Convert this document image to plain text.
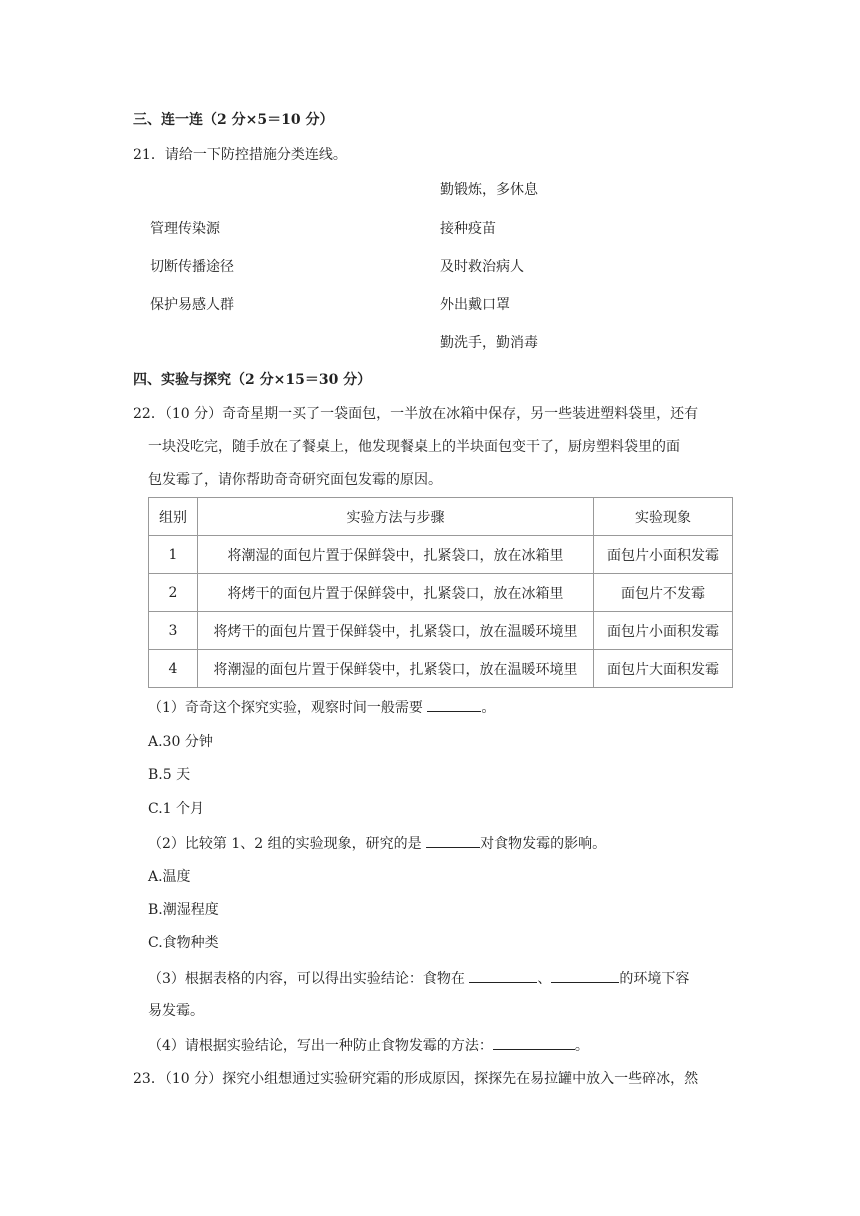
三、连一连（2 分×5＝10 分）
21．请给一下防控措施分类连线。
勤锻炼，多休息
管理传染源	接种疫苗
切断传播途径	及时救治病人
保护易感人群	外出戴口罩
勤洗手，勤消毒
四、实验与探究（2 分×15＝30 分）
22．（10 分）奇奇星期一买了一袋面包，一半放在冰箱中保存，另一些装进塑料袋里，还有
一块没吃完，随手放在了餐桌上，他发现餐桌上的半块面包变干了，厨房塑料袋里的面
包发霉了，请你帮助奇奇研究面包发霉的原因。
组别	实验方法与步骤	实验现象
1	将潮湿的面包片置于保鲜袋中，扎紧袋口，放在冰箱里	面包片小面积发霉
2	将烤干的面包片置于保鲜袋中，扎紧袋口，放在冰箱里	面包片不发霉
3	将烤干的面包片置于保鲜袋中，扎紧袋口，放在温暖环境里	面包片小面积发霉
4	将潮湿的面包片置于保鲜袋中，扎紧袋口，放在温暖环境里	面包片大面积发霉
（1）奇奇这个探究实验，观察时间一般需要	。
A.30 分钟
B.5 天
C.1 个月
（2）比较第 1、2 组的实验现象，研究的是	对食物发霉的影响。
A.温度
B.潮湿程度
C.食物种类
（3）根据表格的内容，可以得出实验结论：食物在	、	的环境下容
易发霉。
（4）请根据实验结论，写出一种防止食物发霉的方法：	。
23．（10 分）探究小组想通过实验研究霜的形成原因，探探先在易拉罐中放入一些碎冰，然
